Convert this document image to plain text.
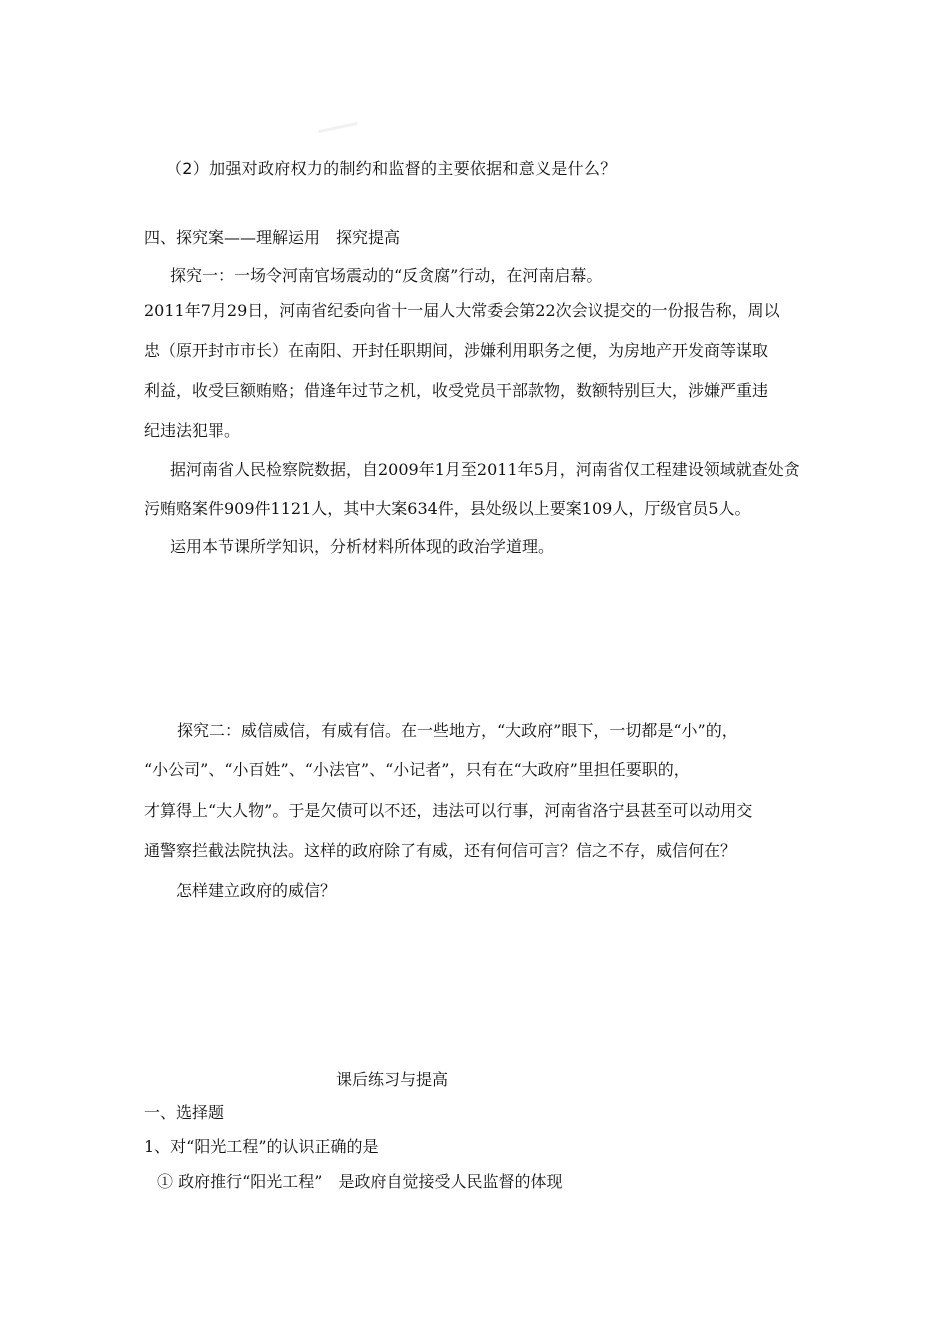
（2）加强对政府权力的制约和监督的主要依据和意义是什么？
四、探究案——理解运用　探究提高
探究一：一场令河南官场震动的“反贪腐”行动，在河南启幕。
2011年7月29日，河南省纪委向省十一届人大常委会第22次会议提交的一份报告称，周以
忠（原开封市市长）在南阳、开封任职期间，涉嫌利用职务之便，为房地产开发商等谋取
利益，收受巨额贿赂；借逢年过节之机，收受党员干部款物，数额特别巨大，涉嫌严重违
纪违法犯罪。
据河南省人民检察院数据，自2009年1月至2011年5月，河南省仅工程建设领域就查处贪
污贿赂案件909件1121人，其中大案634件，县处级以上要案109人，厅级官员5人。
运用本节课所学知识，分析材料所体现的政治学道理。
探究二：威信威信，有威有信。在一些地方，“大政府”眼下，一切都是“小”的，
“小公司”、“小百姓”、“小法官”、“小记者”，只有在“大政府”里担任要职的，
才算得上“大人物”。于是欠债可以不还，违法可以行事，河南省洛宁县甚至可以动用交
通警察拦截法院执法。这样的政府除了有威，还有何信可言？信之不存，威信何在？
怎样建立政府的威信？
课后练习与提高
一、选择题
1、对“阳光工程”的认识正确的是
① 政府推行“阳光工程”　是政府自觉接受人民监督的体现
